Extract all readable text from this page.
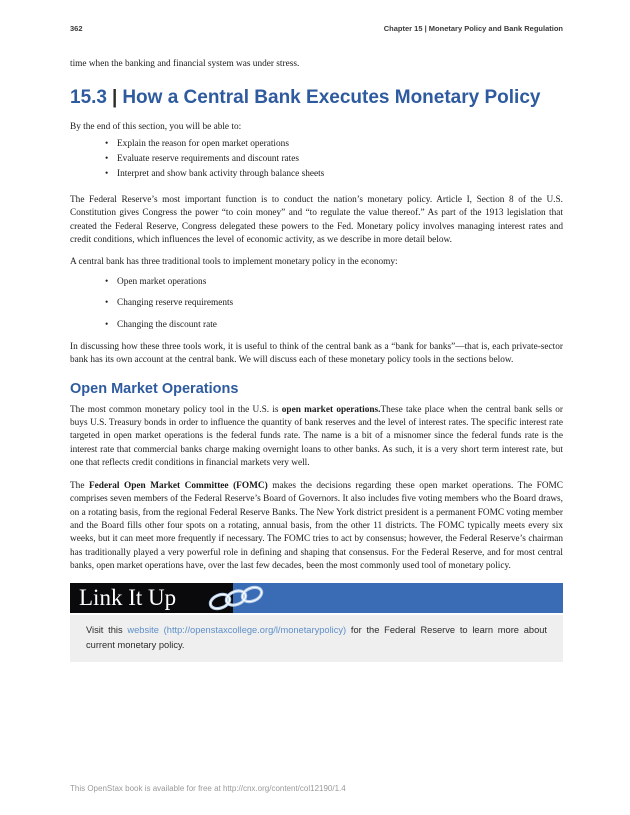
362	Chapter 15 | Monetary Policy and Bank Regulation

time when the banking and financial system was under stress.

15.3 | How a Central Bank Executes Monetary Policy

By the end of this section, you will be able to:

• Explain the reason for open market operations
• Evaluate reserve requirements and discount rates
• Interpret and show bank activity through balance sheets

The Federal Reserve’s most important function is to conduct the nation’s monetary policy. Article I, Section 8 of the U.S. Constitution gives Congress the power “to coin money” and “to regulate the value thereof.” As part of the 1913 legislation that created the Federal Reserve, Congress delegated these powers to the Fed. Monetary policy involves managing interest rates and credit conditions, which influences the level of economic activity, as we describe in more detail below.

A central bank has three traditional tools to implement monetary policy in the economy:

• Open market operations
• Changing reserve requirements
• Changing the discount rate

In discussing how these three tools work, it is useful to think of the central bank as a “bank for banks”—that is, each private-sector bank has its own account at the central bank. We will discuss each of these monetary policy tools in the sections below.

Open Market Operations

The most common monetary policy tool in the U.S. is open market operations.These take place when the central bank sells or buys U.S. Treasury bonds in order to influence the quantity of bank reserves and the level of interest rates. The specific interest rate targeted in open market operations is the federal funds rate. The name is a bit of a misnomer since the federal funds rate is the interest rate that commercial banks charge making overnight loans to other banks. As such, it is a very short term interest rate, but one that reflects credit conditions in financial markets very well.

The Federal Open Market Committee (FOMC) makes the decisions regarding these open market operations. The FOMC comprises seven members of the Federal Reserve’s Board of Governors. It also includes five voting members who the Board draws, on a rotating basis, from the regional Federal Reserve Banks. The New York district president is a permanent FOMC voting member and the Board fills other four spots on a rotating, annual basis, from the other 11 districts. The FOMC typically meets every six weeks, but it can meet more frequently if necessary. The FOMC tries to act by consensus; however, the Federal Reserve’s chairman has traditionally played a very powerful role in defining and shaping that consensus. For the Federal Reserve, and for most central banks, open market operations have, over the last few decades, been the most commonly used tool of monetary policy.

Link It Up
Visit this website (http://openstaxcollege.org/l/monetarypolicy) for the Federal Reserve to learn more about current monetary policy.
This OpenStax book is available for free at http://cnx.org/content/col12190/1.4
